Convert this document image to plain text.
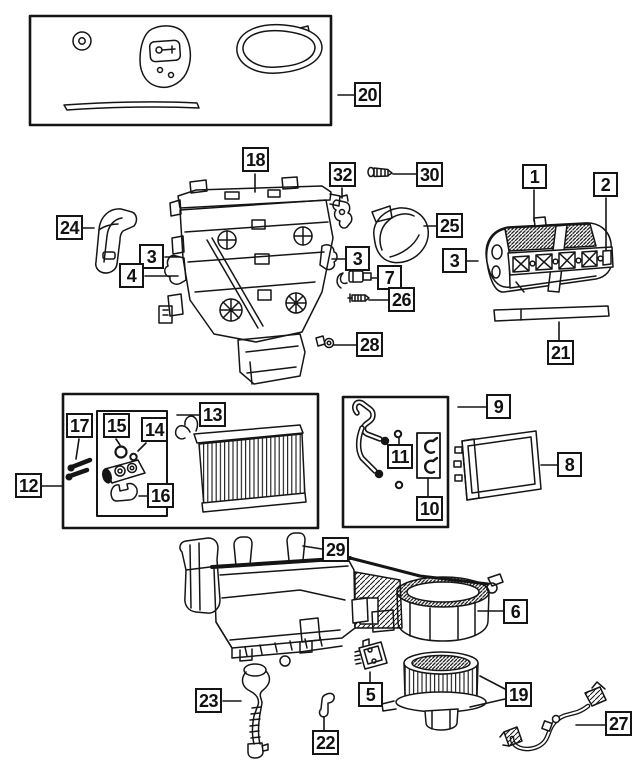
20
18
32	30	1	2
24	25
3	3	3
4	7
26
28	21
9
13
17 15 14
11	8
12	16
10
29
6
19
5
23
27
22
